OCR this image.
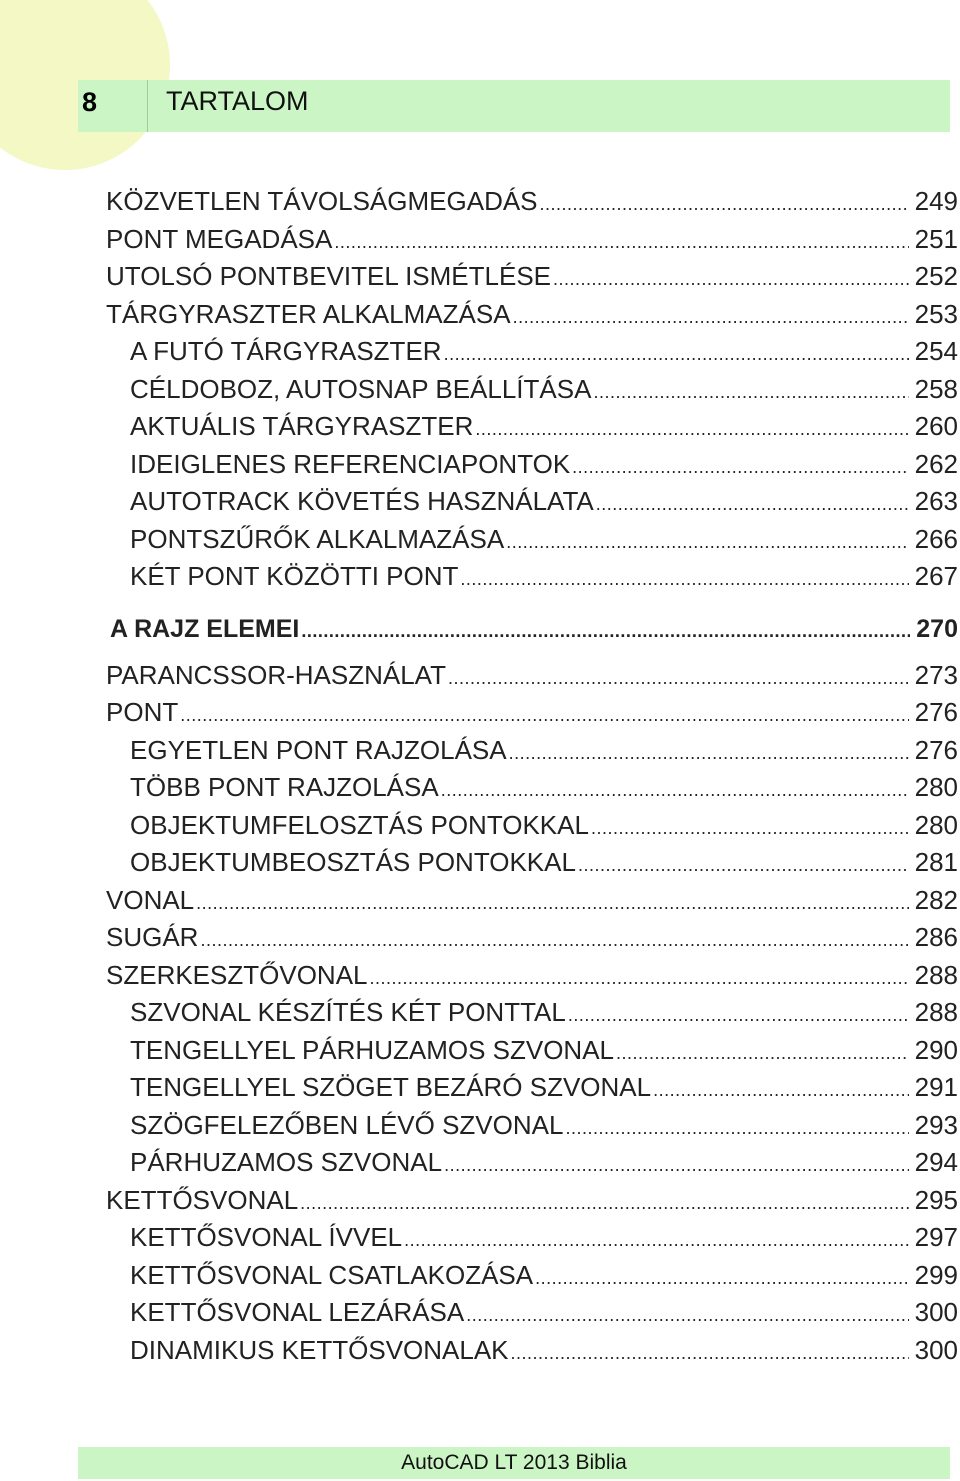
8	TARTALOM
KÖZVETLEN TÁVOLSÁGMEGADÁS .....	249
PONT MEGADÁSA .....	251
UTOLSÓ PONTBEVITEL ISMÉTLÉSE .....	252
TÁRGYRASZTER ALKALMAZÁSA .....	253
A FUTÓ TÁRGYRASZTER .....	254
CÉLDOBOZ, AUTOSNAP BEÁLLÍTÁSA .....	258
AKTUÁLIS TÁRGYRASZTER .....	260
IDEIGLENES REFERENCIAPONTOK .....	262
AUTOTRACK KÖVETÉS HASZNÁLATA .....	263
PONTSZŰRŐK ALKALMAZÁSA .....	266
KÉT PONT KÖZÖTTI PONT .....	267
A RAJZ ELEMEI .....	270
PARANCSSOR-HASZNÁLAT .....	273
PONT .....	276
EGYETLEN PONT RAJZOLÁSA .....	276
TÖBB PONT RAJZOLÁSA .....	280
OBJEKTUMFELOSZTÁS PONTOKKAL .....	280
OBJEKTUMBEOSZTÁS PONTOKKAL .....	281
VONAL .....	282
SUGÁR .....	286
SZERKESZTŐVONAL .....	288
SZVONAL KÉSZÍTÉS KÉT PONTTAL .....	288
TENGELLYEL PÁRHUZAMOS SZVONAL .....	290
TENGELLYEL SZÖGET BEZÁRÓ SZVONAL .....	291
SZÖGFELEZŐBEN LÉVŐ SZVONAL .....	293
PÁRHUZAMOS SZVONAL .....	294
KETTŐSVONAL .....	295
KETTŐSVONAL ÍVVEL .....	297
KETTŐSVONAL CSATLAKOZÁSA .....	299
KETTŐSVONAL LEZÁRÁSA .....	300
DINAMIKUS KETTŐSVONALAK .....	300
AutoCAD LT 2013 Biblia
